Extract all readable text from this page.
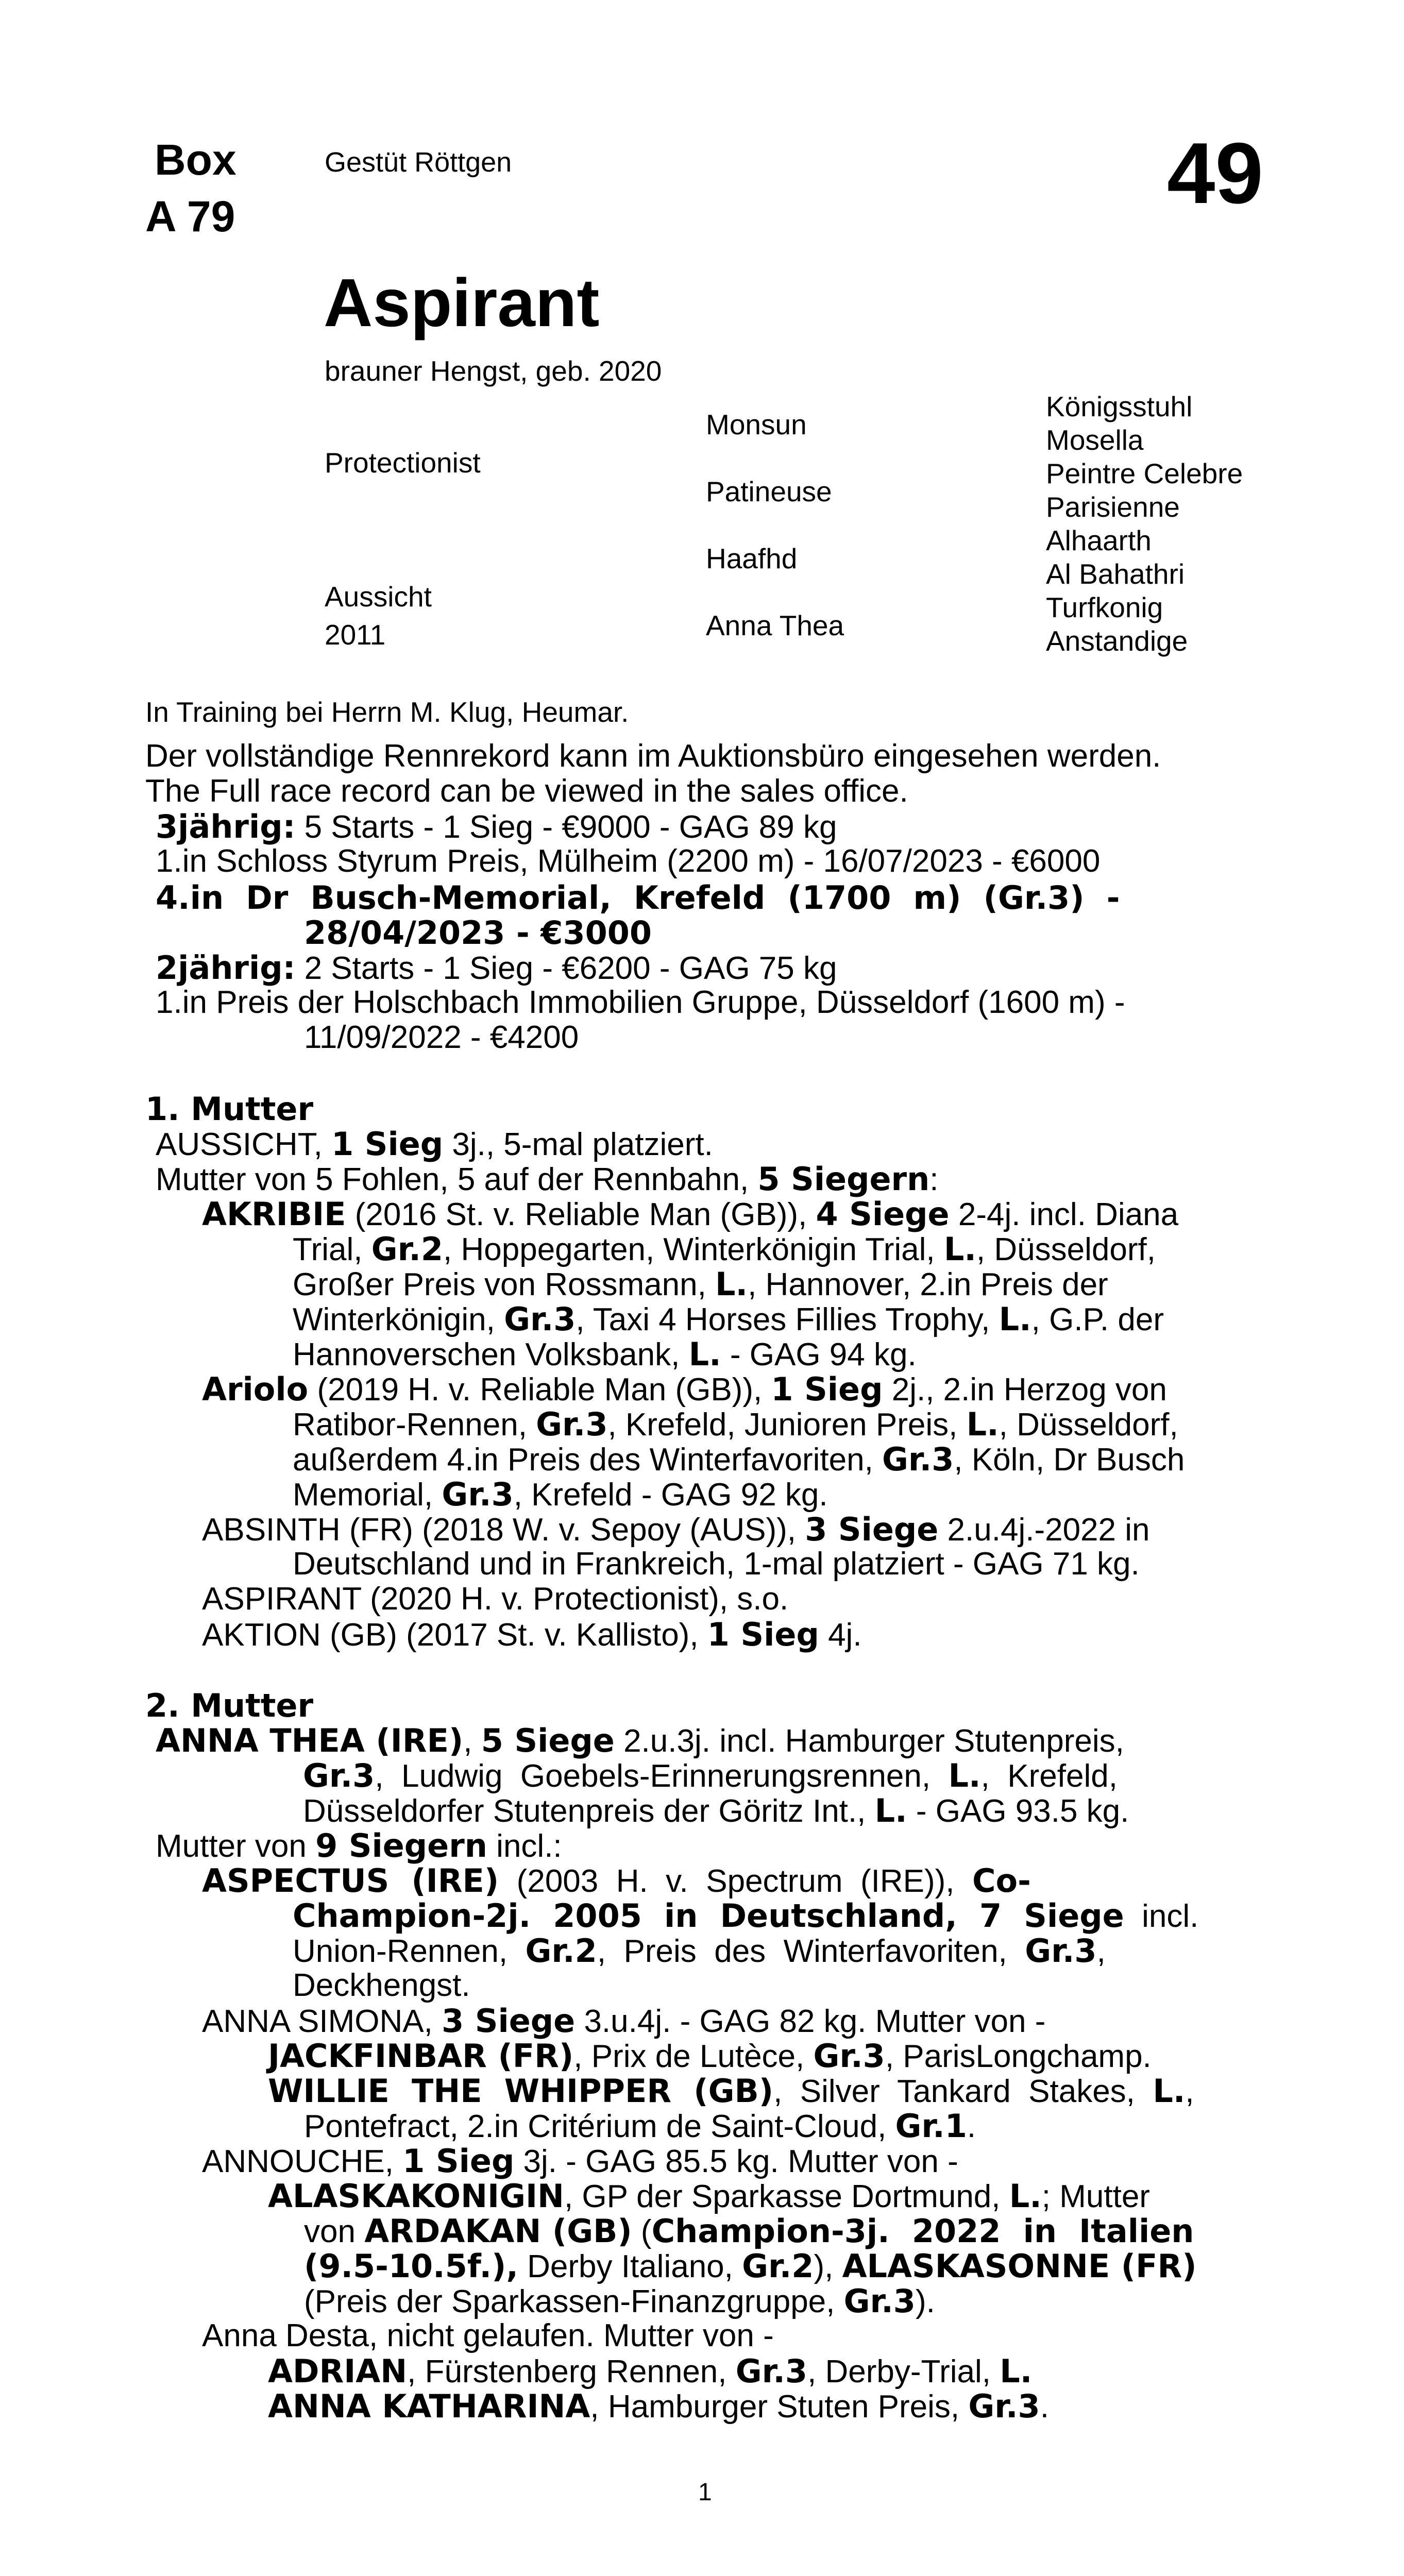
Box
A 79
Gestüt Röttgen	49
Aspirant
brauner Hengst, geb. 2020
Protectionist
Aussicht
2011
Monsun
Patineuse
Haafhd
Anna Thea
Königsstuhl
Mosella
Peintre Celebre
Parisienne
Alhaarth
Al Bahathri
Turfkonig
Anstandige
In Training bei Herrn M. Klug, Heumar.
Der vollständige Rennrekord kann im Auktionsbüro eingesehen werden.
The Full race record can be viewed in the sales office.
3jährig: 5 Starts - 1 Sieg - €9000 - GAG 89 kg
1.in Schloss Styrum Preis, Mülheim (2200 m) - 16/07/2023 - €6000
4.in  Dr  Busch-Memorial,  Krefeld  (1700  m)  (Gr.3)  -
28/04/2023 - €3000
2jährig: 2 Starts - 1 Sieg - €6200 - GAG 75 kg
1.in Preis der Holschbach Immobilien Gruppe, Düsseldorf (1600 m) -
11/09/2022 - €4200
1. Mutter
AUSSICHT, 1 Sieg 3j., 5-mal platziert.
Mutter von 5 Fohlen, 5 auf der Rennbahn, 5 Siegern:
AKRIBIE (2016 St. v. Reliable Man (GB)), 4 Siege 2-4j. incl. Diana
Trial, Gr.2, Hoppegarten, Winterkönigin Trial, L., Düsseldorf,
Großer Preis von Rossmann, L., Hannover, 2.in Preis der
Winterkönigin, Gr.3, Taxi 4 Horses Fillies Trophy, L., G.P. der
Hannoverschen Volksbank, L. - GAG 94 kg.
Ariolo (2019 H. v. Reliable Man (GB)), 1 Sieg 2j., 2.in Herzog von
Ratibor-Rennen, Gr.3, Krefeld, Junioren Preis, L., Düsseldorf,
außerdem 4.in Preis des Winterfavoriten, Gr.3, Köln, Dr Busch
Memorial, Gr.3, Krefeld - GAG 92 kg.
ABSINTH (FR) (2018 W. v. Sepoy (AUS)), 3 Siege 2.u.4j.-2022 in
Deutschland und in Frankreich, 1-mal platziert - GAG 71 kg.
ASPIRANT (2020 H. v. Protectionist), s.o.
AKTION (GB) (2017 St. v. Kallisto), 1 Sieg 4j.
2. Mutter
ANNA THEA (IRE), 5 Siege 2.u.3j. incl. Hamburger Stutenpreis,
Gr.3,  Ludwig  Goebels-Erinnerungsrennen,  L.,  Krefeld,
Düsseldorfer Stutenpreis der Göritz Int., L. - GAG 93.5 kg.
Mutter von 9 Siegern incl.:
ASPECTUS  (IRE)  (2003  H.  v.  Spectrum  (IRE)),  Co-
Champion-2j.  2005  in  Deutschland,  7  Siege  incl.
Union-Rennen,  Gr.2,  Preis  des  Winterfavoriten,  Gr.3,
Deckhengst.
ANNA SIMONA, 3 Siege 3.u.4j. - GAG 82 kg. Mutter von -
JACKFINBAR (FR), Prix de Lutèce, Gr.3, ParisLongchamp.
WILLIE  THE  WHIPPER  (GB),  Silver  Tankard  Stakes,  L.,
Pontefract, 2.in Critérium de Saint-Cloud, Gr.1.
ANNOUCHE, 1 Sieg 3j. - GAG 85.5 kg. Mutter von -
ALASKAKONIGIN, GP der Sparkasse Dortmund, L.; Mutter
von ARDAKAN (GB) (Champion-3j.  2022  in  Italien
(9.5-10.5f.), Derby Italiano, Gr.2), ALASKASONNE (FR)
(Preis der Sparkassen-Finanzgruppe, Gr.3).
Anna Desta, nicht gelaufen. Mutter von -
ADRIAN, Fürstenberg Rennen, Gr.3, Derby-Trial, L.
ANNA KATHARINA, Hamburger Stuten Preis, Gr.3.
1
